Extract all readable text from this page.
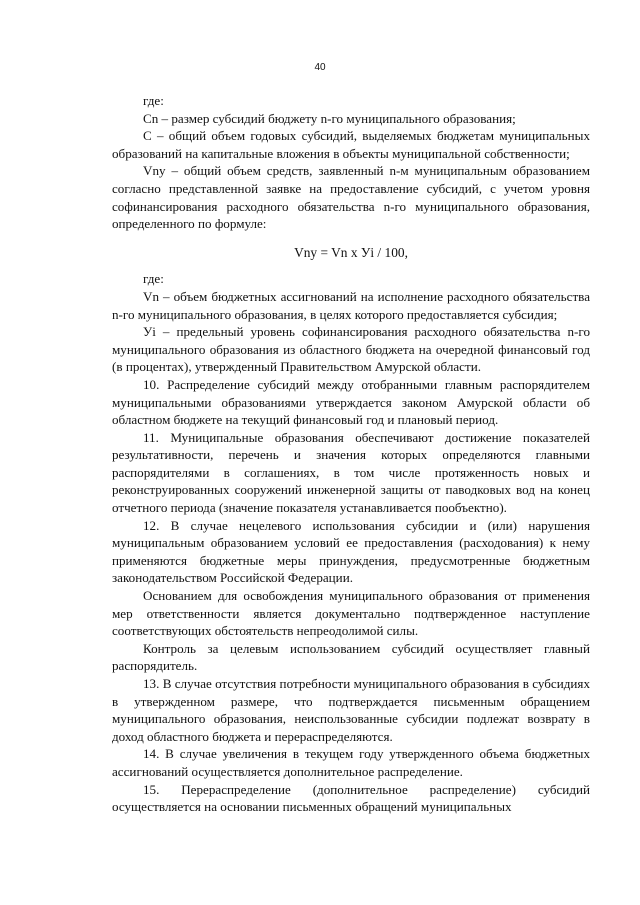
40

где:

Сn – размер субсидий бюджету n-го муниципального образования;

С – общий объем годовых субсидий, выделяемых бюджетам муниципальных образований на капитальные вложения в объекты муниципальной собственности;

Vny – общий объем средств, заявленный n-м муниципальным образованием согласно представленной заявке на предоставление субсидий, с учетом уровня софинансирования расходного обязательства n-го муниципального образования, определенного по формуле:

Vny = Vn x Уi / 100,

где:

Vn – объем бюджетных ассигнований на исполнение расходного обязательства n-го муниципального образования, в целях которого предоставляется субсидия;

Уi – предельный уровень софинансирования расходного обязательства n-го муниципального образования из областного бюджета на очередной финансовый год (в процентах), утвержденный Правительством Амурской области.

10. Распределение субсидий между отобранными главным распорядителем муниципальными образованиями утверждается законом Амурской области об областном бюджете на текущий финансовый год и плановый период.

11. Муниципальные образования обеспечивают достижение показателей результативности, перечень и значения которых определяются главными распорядителями в соглашениях, в том числе протяженность новых и реконструированных сооружений инженерной защиты от паводковых вод на конец отчетного периода (значение показателя устанавливается пообъектно).

12. В случае нецелевого использования субсидии и (или) нарушения муниципальным образованием условий ее предоставления (расходования) к нему применяются бюджетные меры принуждения, предусмотренные бюджетным законодательством Российской Федерации.

Основанием для освобождения муниципального образования от применения мер ответственности является документально подтвержденное наступление соответствующих обстоятельств непреодолимой силы.

Контроль за целевым использованием субсидий осуществляет главный распорядитель.

13. В случае отсутствия потребности муниципального образования в субсидиях в утвержденном размере, что подтверждается письменным обращением муниципального образования, неиспользованные субсидии подлежат возврату в доход областного бюджета и перераспределяются.

14. В случае увеличения в текущем году утвержденного объема бюджетных ассигнований осуществляется дополнительное распределение.

15. Перераспределение (дополнительное распределение) субсидий осуществляется на основании письменных обращений муниципальных
